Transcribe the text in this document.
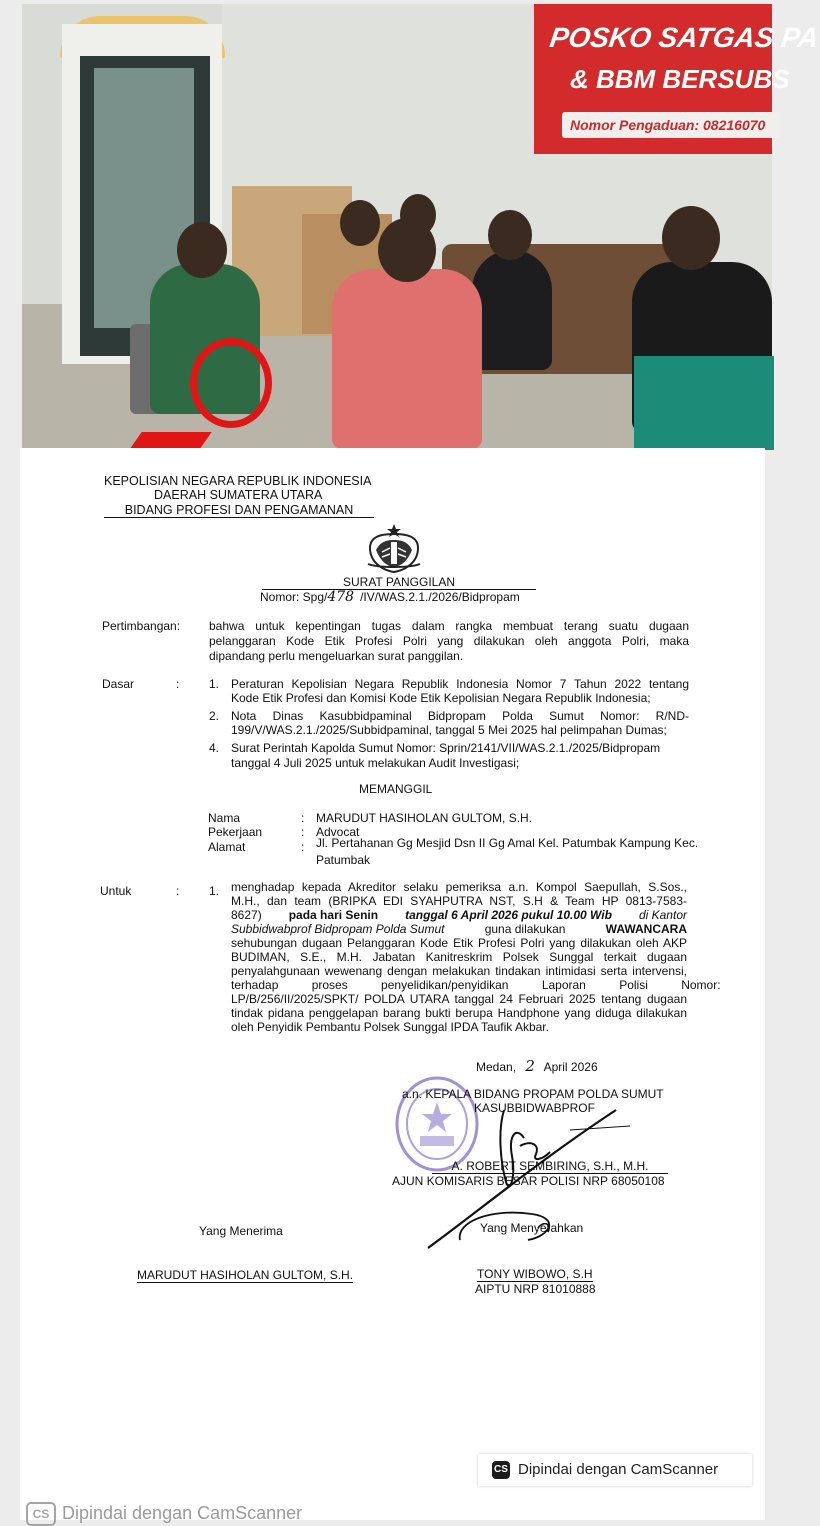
POSKO SATGAS PA
& BBM BERSUBS
Nomor Pengaduan: 08216070
KEPOLISIAN NEGARA REPUBLIK INDONESIA
DAERAH SUMATERA UTARA
BIDANG PROFESI DAN PENGAMANAN
SURAT PANGGILAN
Nomor: Spg/478 /IV/WAS.2.1./2026/Bidpropam
Pertimbangan: bahwa untuk kepentingan tugas dalam rangka membuat terang suatu dugaan
pelanggaran Kode Etik Profesi Polri yang dilakukan oleh anggota Polri, maka
dipandang perlu mengeluarkan surat panggilan.
Dasar	: 1. Peraturan Kepolisian Negara Republik Indonesia Nomor 7 Tahun 2022 tentang
Kode Etik Profesi dan Komisi Kode Etik Kepolisian Negara Republik Indonesia;
2. Nota Dinas Kasubbidpaminal Bidpropam Polda Sumut Nomor: R/ND-
199/V/WAS.2.1./2025/Subbidpaminal, tanggal 5 Mei 2025 hal pelimpahan Dumas;
4. Surat Perintah Kapolda Sumut Nomor: Sprin/2141/VII/WAS.2.1./2025/Bidpropam
tanggal 4 Juli 2025 untuk melakukan Audit Investigasi;
MEMANGGIL
Nama	: MARUDUT HASIHOLAN GULTOM, S.H.
Pekerjaan	: Advocat
Alamat	: Jl. Pertahanan Gg Mesjid Dsn II Gg Amal Kel. Patumbak Kampung Kec.
Patumbak
Untuk	: 1. menghadap kepada Akreditor selaku pemeriksa a.n. Kompol Saepullah, S.Sos.,
M.H., dan team (BRIPKA EDI SYAHPUTRA NST, S.H & Team HP 0813-7583-
8627) pada hari Senin tanggal 6 April 2026 pukul 10.00 Wib di Kantor
Subbidwabprof Bidpropam Polda Sumut	guna dilakukan	WAWANCARA
sehubungan dugaan Pelanggaran Kode Etik Profesi Polri yang dilakukan oleh AKP
BUDIMAN, S.E., M.H. Jabatan Kanitreskrim Polsek Sunggal terkait dugaan
penyalahgunaan wewenang dengan melakukan tindakan intimidasi serta intervensi,
terhadap proses penyelidikan/penyidikan Laporan Polisi Nomor:
LP/B/256/II/2025/SPKT/ POLDA UTARA tanggal 24 Februari 2025 tentang dugaan
tindak pidana penggelapan barang bukti berupa Handphone yang diduga dilakukan
oleh Penyidik Pembantu Polsek Sunggal IPDA Taufik Akbar.
Medan, 2 April 2026
a.n. KEPALA BIDANG PROPAM POLDA SUMUT
KASUBBIDWABPROF
A. ROBERT SEMBIRING, S.H., M.H.
AJUN KOMISARIS BESAR POLISI NRP 68050108
Yang Menerima
MARUDUT HASIHOLAN GULTOM, S.H.
Yang Menyerahkan
TONY WIBOWO, S.H
AIPTU NRP 81010888
CS Dipindai dengan CamScanner
CS Dipindai dengan CamScanner
